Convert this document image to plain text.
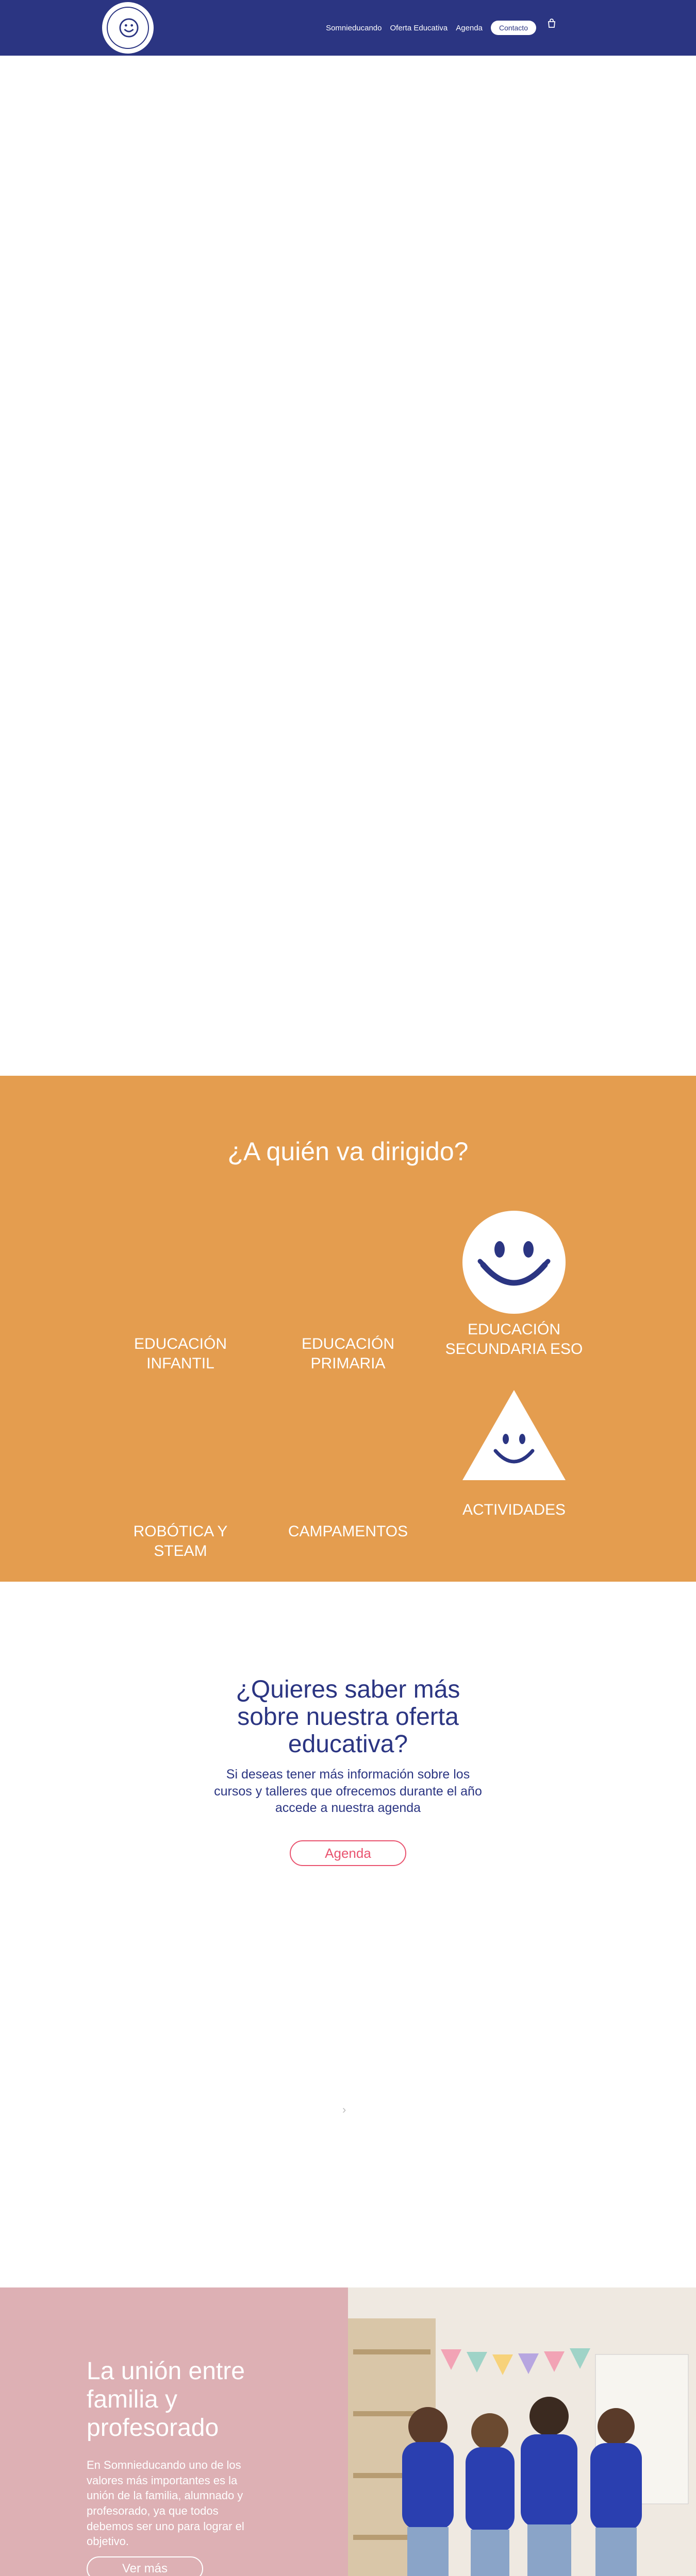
Somnieducando Oferta Educativa Agenda	Contacto
¿A quién va dirigido?
EDUCACIÓN INFANTIL
EDUCACIÓN PRIMARIA
EDUCACIÓN SECUNDARIA ESO
ACTIVIDADES
ROBÓTICA Y STEAM
CAMPAMENTOS
¿Quieres saber más sobre nuestra oferta educativa?
Si deseas tener más información sobre los cursos y talleres que ofrecemos durante el año accede a nuestra agenda
Agenda
›
La unión entre familia y profesorado
En Somnieducando uno de los valores más importantes es la unión de la familia, alumnado y profesorado, ya que todos debemos ser uno para lograr el objetivo.
Ver más
